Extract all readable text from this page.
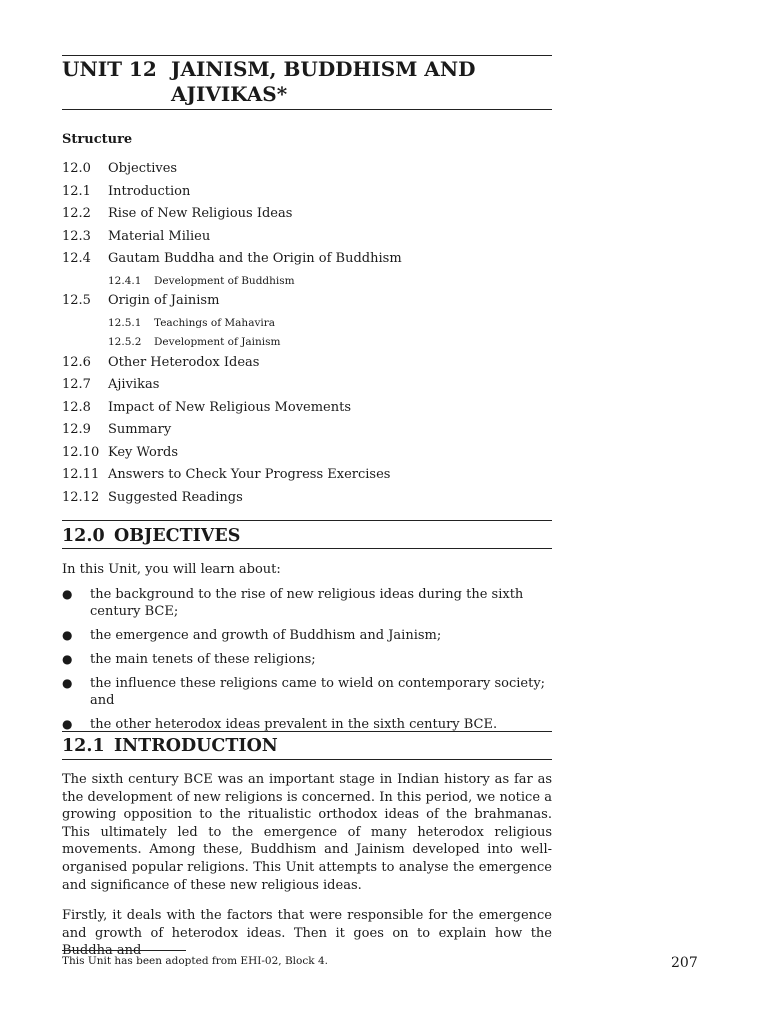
UNIT 12 JAINISM, BUDDHISM AND
AJIVIKAS*
Structure
12.0 Objectives
12.1 Introduction
12.2 Rise of New Religious Ideas
12.3 Material Milieu
12.4 Gautam Buddha and the Origin of Buddhism
12.4.1 Development of Buddhism
12.5 Origin of Jainism
12.5.1 Teachings of Mahavira
12.5.2 Development of Jainism
12.6 Other Heterodox Ideas
12.7 Ajivikas
12.8 Impact of New Religious Movements
12.9 Summary
12.10 Key Words
12.11 Answers to Check Your Progress Exercises
12.12 Suggested Readings
12.0 OBJECTIVES
In this Unit, you will learn about:
● the background to the rise of new religious ideas during the sixth century BCE;
● the emergence and growth of Buddhism and Jainism;
● the main tenets of these religions;
● the influence these religions came to wield on contemporary society; and
● the other heterodox ideas prevalent in the sixth century BCE.
12.1 INTRODUCTION
The sixth century BCE was an important stage in Indian history as far as the development of new religions is concerned. In this period, we notice a growing opposition to the ritualistic orthodox ideas of the brahmanas. This ultimately led to the emergence of many heterodox religious movements. Among these, Buddhism and Jainism developed into well-organised popular religions. This Unit attempts to analyse the emergence and significance of these new religious ideas.
Firstly, it deals with the factors that were responsible for the emergence and growth of heterodox ideas. Then it goes on to explain how the Buddha and
This Unit has been adopted from EHI-02, Block 4.	207
